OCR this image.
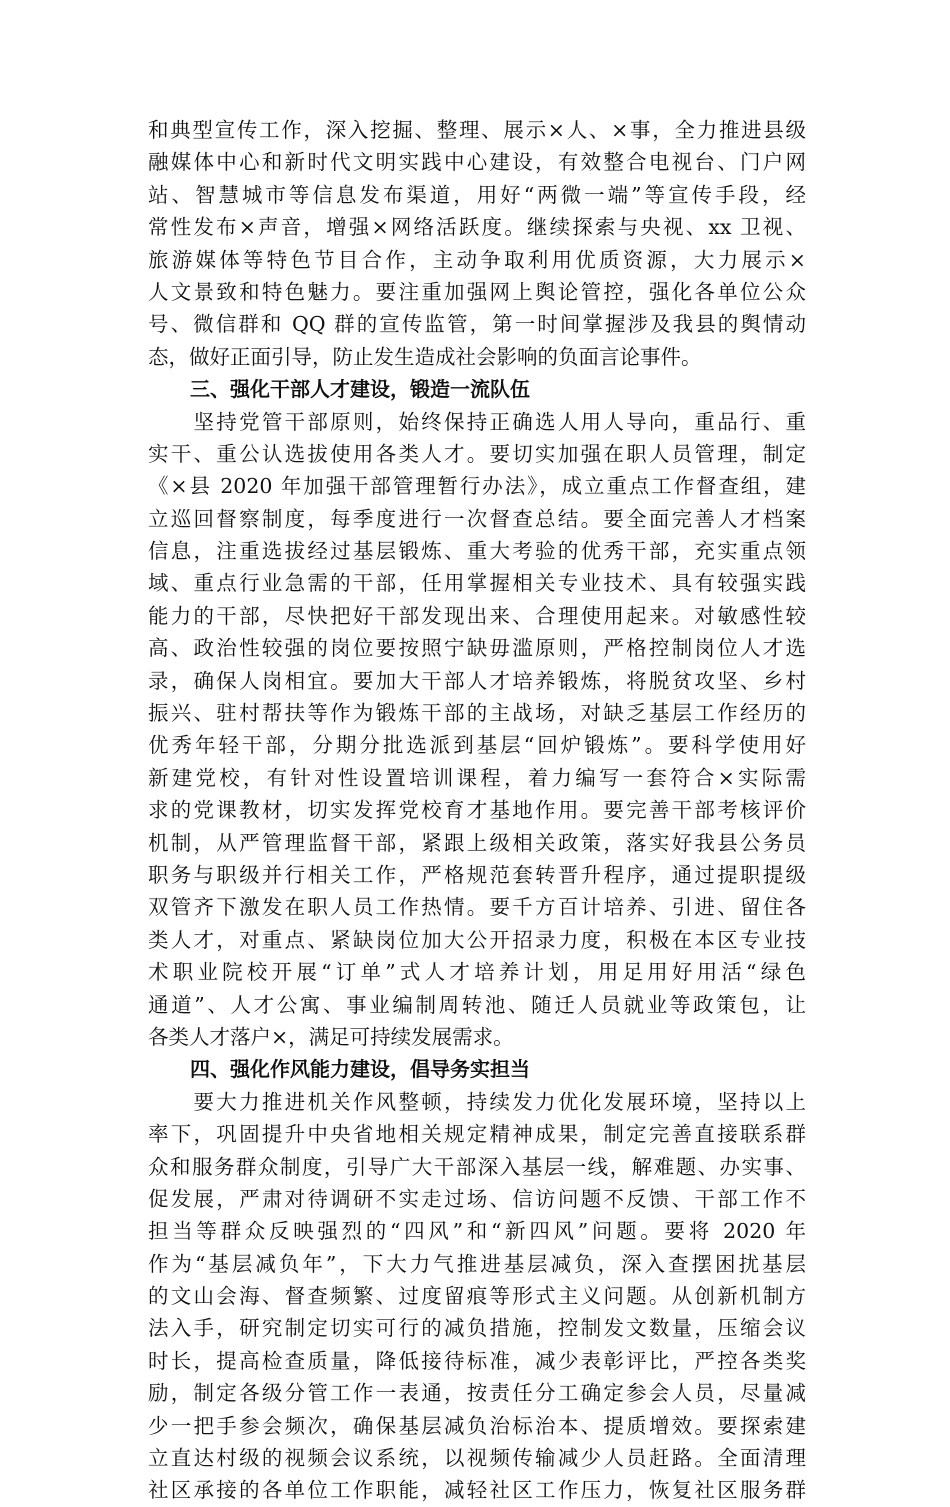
和典型宣传工作，深入挖掘、整理、展示×人、×事，全力推进县级
融媒体中心和新时代文明实践中心建设，有效整合电视台、门户网
站、智慧城市等信息发布渠道，用好“两微一端”等宣传手段，经
常性发布×声音，增强×网络活跃度。继续探索与央视、xx 卫视、
旅游媒体等特色节目合作，主动争取利用优质资源，大力展示×
人文景致和特色魅力。要注重加强网上舆论管控，强化各单位公众
号、微信群和 QQ 群的宣传监管，第一时间掌握涉及我县的舆情动
态，做好正面引导，防止发生造成社会影响的负面言论事件。
三、强化干部人才建设，锻造一流队伍
　　坚持党管干部原则，始终保持正确选人用人导向，重品行、重
实干、重公认选拔使用各类人才。要切实加强在职人员管理，制定
《×县 2020 年加强干部管理暂行办法》，成立重点工作督查组，建
立巡回督察制度，每季度进行一次督查总结。要全面完善人才档案
信息，注重选拔经过基层锻炼、重大考验的优秀干部，充实重点领
域、重点行业急需的干部，任用掌握相关专业技术、具有较强实践
能力的干部，尽快把好干部发现出来、合理使用起来。对敏感性较
高、政治性较强的岗位要按照宁缺毋滥原则，严格控制岗位人才选
录，确保人岗相宜。要加大干部人才培养锻炼，将脱贫攻坚、乡村
振兴、驻村帮扶等作为锻炼干部的主战场，对缺乏基层工作经历的
优秀年轻干部，分期分批选派到基层“回炉锻炼”。要科学使用好
新建党校，有针对性设置培训课程，着力编写一套符合×实际需
求的党课教材，切实发挥党校育才基地作用。要完善干部考核评价
机制，从严管理监督干部，紧跟上级相关政策，落实好我县公务员
职务与职级并行相关工作，严格规范套转晋升程序，通过提职提级
双管齐下激发在职人员工作热情。要千方百计培养、引进、留住各
类人才，对重点、紧缺岗位加大公开招录力度，积极在本区专业技
术职业院校开展“订单”式人才培养计划，用足用好用活“绿色
通道”、人才公寓、事业编制周转池、随迁人员就业等政策包，让
各类人才落户×，满足可持续发展需求。
四、强化作风能力建设，倡导务实担当
　　要大力推进机关作风整顿，持续发力优化发展环境，坚持以上
率下，巩固提升中央省地相关规定精神成果，制定完善直接联系群
众和服务群众制度，引导广大干部深入基层一线，解难题、办实事、
促发展，严肃对待调研不实走过场、信访问题不反馈、干部工作不
担当等群众反映强烈的“四风”和“新四风”问题。要将 2020 年
作为“基层减负年”，下大力气推进基层减负，深入查摆困扰基层
的文山会海、督查频繁、过度留痕等形式主义问题。从创新机制方
法入手，研究制定切实可行的减负措施，控制发文数量，压缩会议
时长，提高检查质量，降低接待标准，减少表彰评比，严控各类奖
励，制定各级分管工作一表通，按责任分工确定参会人员，尽量减
少一把手参会频次，确保基层减负治标治本、提质增效。要探索建
立直达村级的视频会议系统，以视频传输减少人员赶路。全面清理
社区承接的各单位工作职能，减轻社区工作压力，恢复社区服务群
